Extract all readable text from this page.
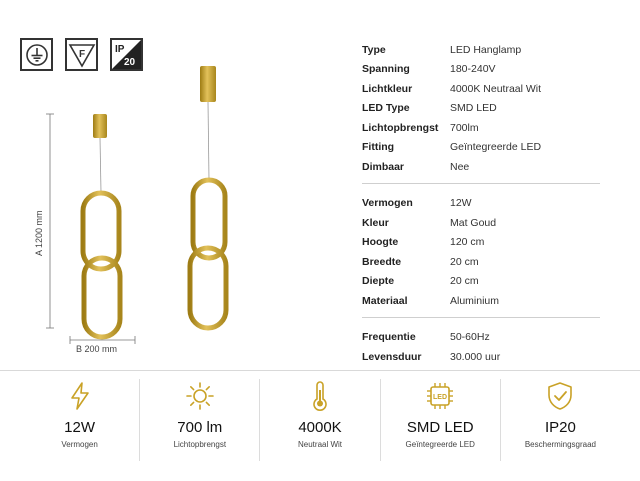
F	IP
20
A 1200 mm
B 200 mm
Type	LED Hanglamp
Spanning	180-240V
Lichtkleur	4000K Neutraal Wit
LED Type	SMD LED
Lichtopbrengst	700lm
Fitting	Geïntegreerde LED
Dimbaar	Nee
Vermogen	12W
Kleur	Mat Goud
Hoogte	120 cm
Breedte	20 cm
Diepte	20 cm
Materiaal	Aluminium
Frequentie	50-60Hz
Levensduur	30.000 uur
12W
Vermogen
700 lm
Lichtopbrengst
4000K
Neutraal Wit
LED
SMD LED
Geïntegreerde LED
IP20
Beschermingsgraad
